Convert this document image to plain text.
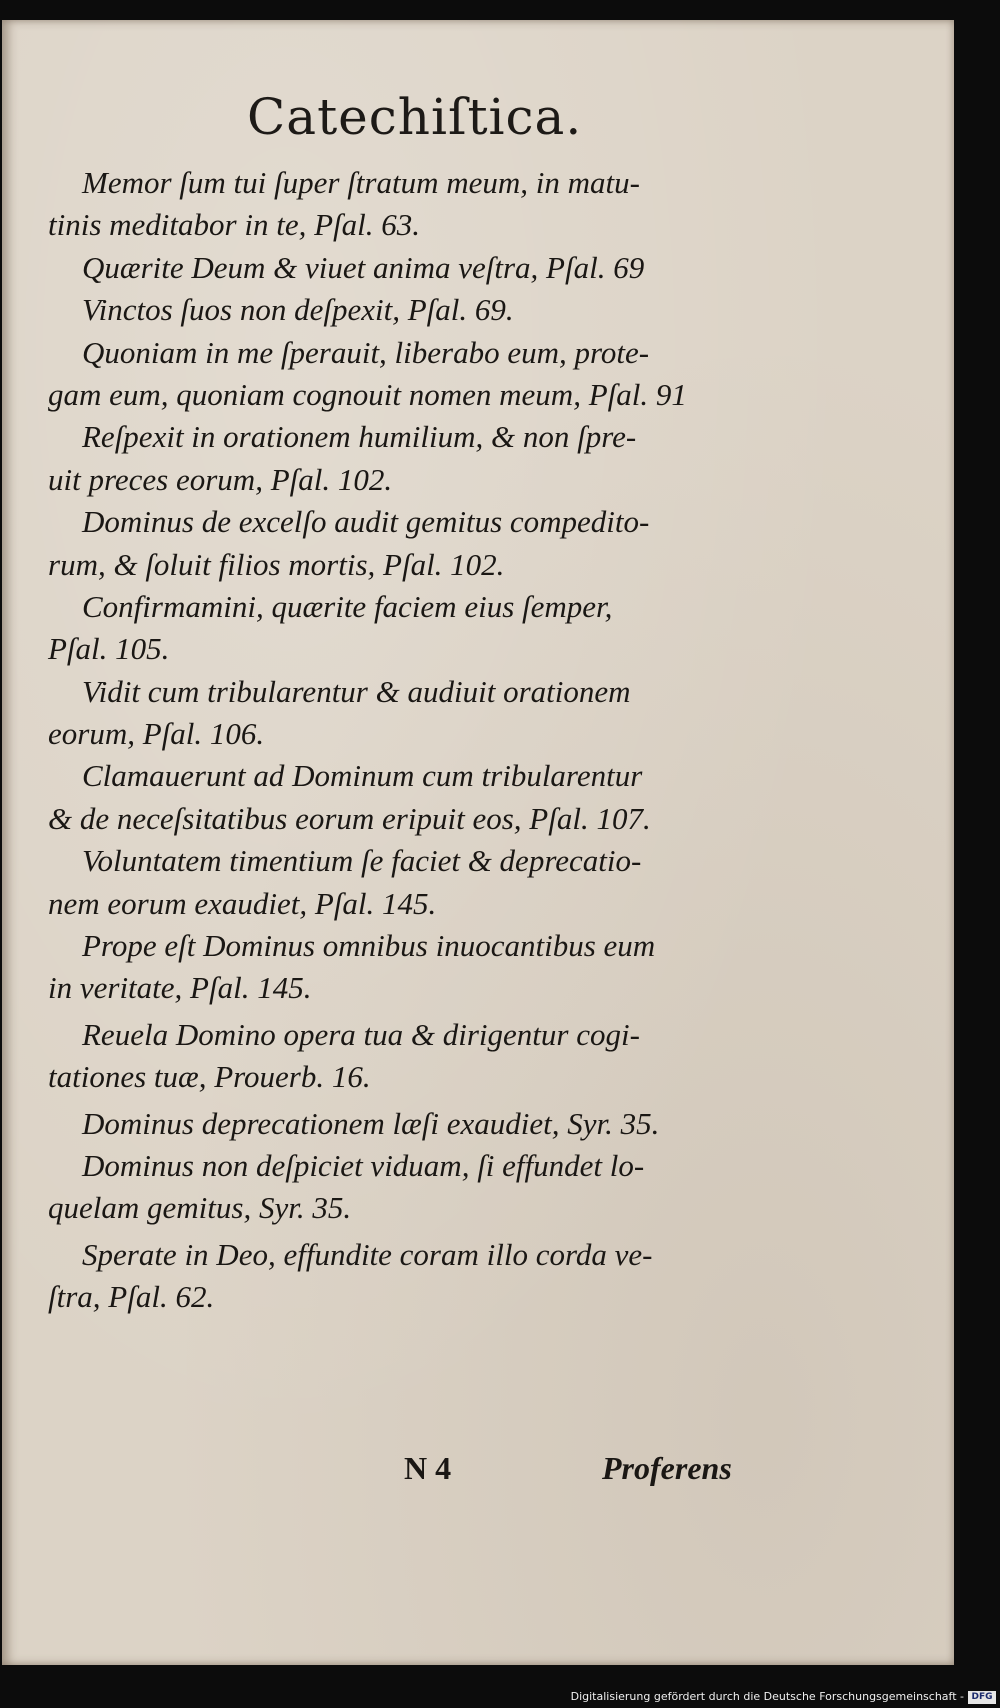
Catechiſtica.
Memor ſum tui ſuper ſtratum meum, in matu-
tinis meditabor in te, Pſal. 63.
Quærite Deum & viuet anima veſtra, Pſal. 69
Vinctos ſuos non deſpexit, Pſal. 69.
Quoniam in me ſperauit, liberabo eum, prote-
gam eum, quoniam cognouit nomen meum, Pſal. 91
Reſpexit in orationem humilium, & non ſpre-
uit preces eorum, Pſal. 102.
Dominus de excelſo audit gemitus compedito-
rum, & ſoluit filios mortis, Pſal. 102.
Confirmamini, quærite faciem eius ſemper,
Pſal. 105.
Vidit cum tribularentur & audiuit orationem
eorum, Pſal. 106.
Clamauerunt ad Dominum cum tribularentur
& de neceſsitatibus eorum eripuit eos, Pſal. 107.
Voluntatem timentium ſe faciet & deprecatio-
nem eorum exaudiet, Pſal. 145.
Prope eſt Dominus omnibus inuocantibus eum
in veritate, Pſal. 145.
Reuela Domino opera tua & dirigentur cogi-
tationes tuæ, Prouerb. 16.
Dominus deprecationem læſi exaudiet, Syr. 35.
Dominus non deſpiciet viduam, ſi effundet lo-
quelam gemitus, Syr. 35.
Sperate in Deo, effundite coram illo corda ve-
ſtra, Pſal. 62.
N 4	Proferens
Digitalisierung gefördert durch die Deutsche Forschungsgemeinschaft - DFG
